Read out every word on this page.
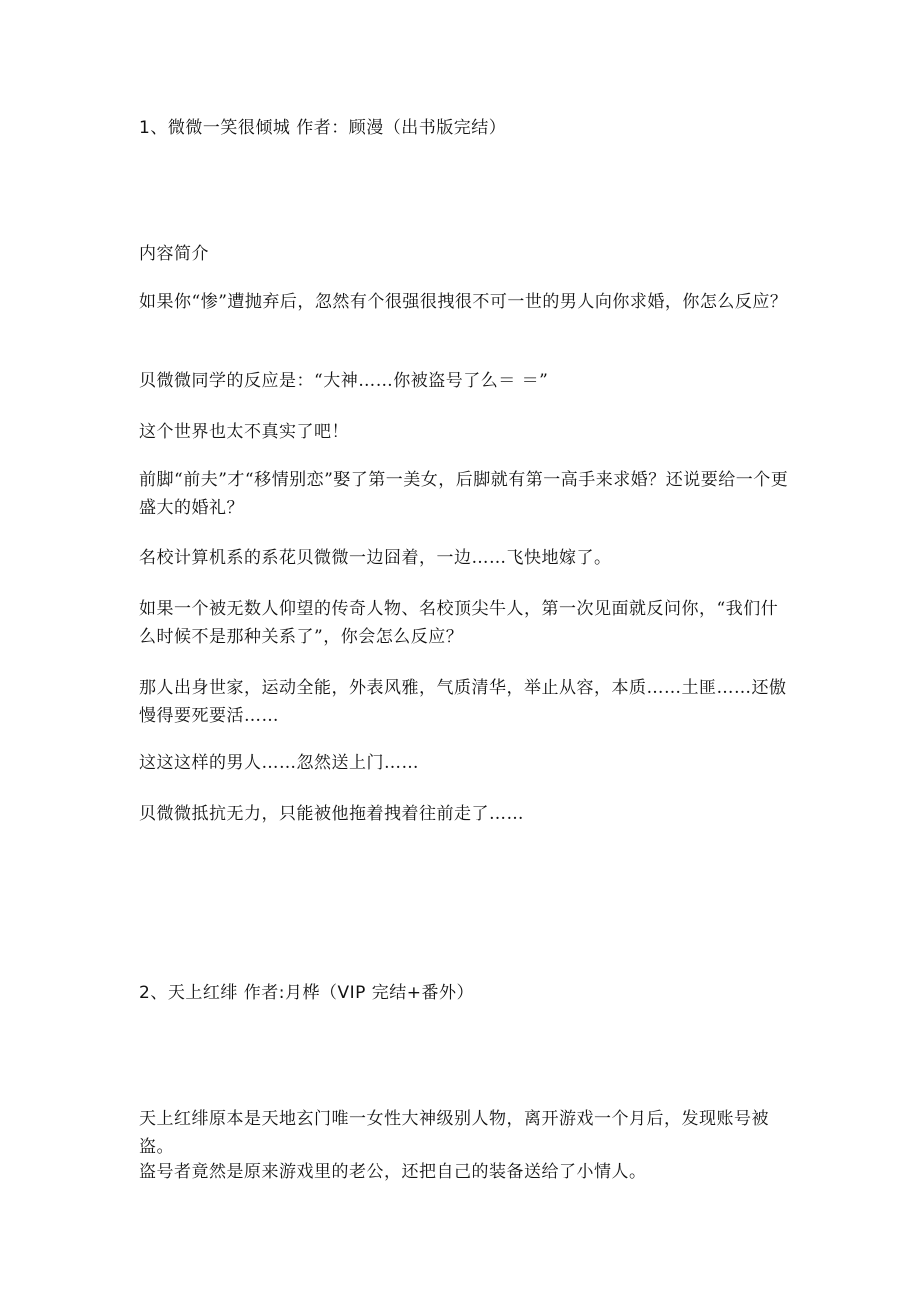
1、微微一笑很倾城 作者：顾漫（出书版完结）
内容简介
如果你“惨”遭抛弃后，忽然有个很强很拽很不可一世的男人向你求婚，你怎么反应？
贝微微同学的反应是：“大神……你被盗号了么＝ ＝”
这个世界也太不真实了吧！
前脚“前夫”才“移情别恋”娶了第一美女，后脚就有第一高手来求婚？还说要给一个更盛大的婚礼？
名校计算机系的系花贝微微一边囧着，一边……飞快地嫁了。
如果一个被无数人仰望的传奇人物、名校顶尖牛人，第一次见面就反问你，“我们什么时候不是那种关系了”，你会怎么反应？
那人出身世家，运动全能，外表风雅，气质清华，举止从容，本质……土匪……还傲慢得要死要活……
这这这样的男人……忽然送上门……
贝微微抵抗无力，只能被他拖着拽着往前走了……
2、天上红绯 作者:月桦（VIP 完结+番外）
天上红绯原本是天地玄门唯一女性大神级别人物，离开游戏一个月后，发现账号被盗。
盗号者竟然是原来游戏里的老公，还把自己的装备送给了小情人。
